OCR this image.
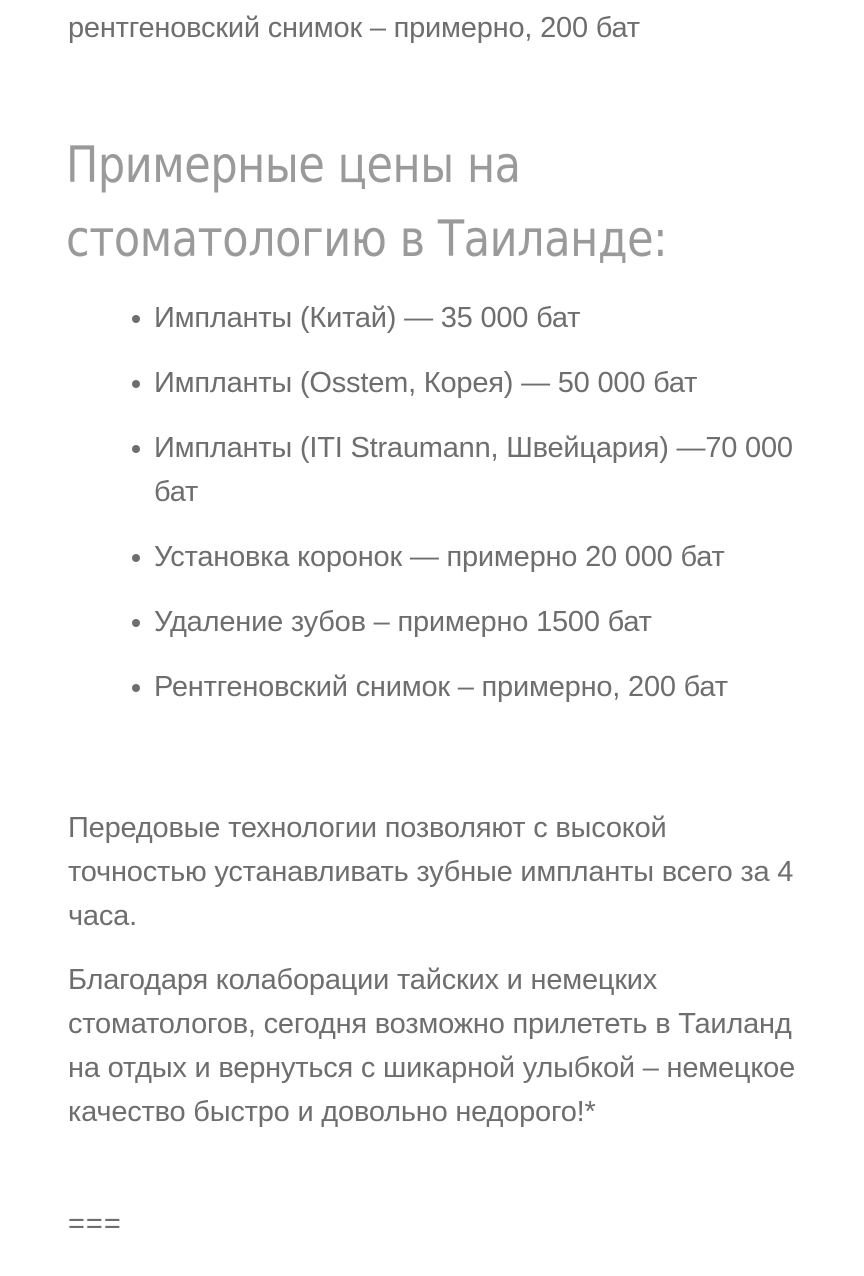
рентгеновский снимок – примерно, 200 бат
Примерные цены на стоматологию в Таиланде:
Импланты (Китай) — 35 000 бат
Импланты (Osstem, Корея) — 50 000 бат
Импланты (ITI Straumann, Швейцария) —70 000 бат
Установка коронок — примерно 20 000 бат
Удаление зубов – примерно 1500 бат
Рентгеновский снимок – примерно, 200 бат

Передовые технологии позволяют с высокой точностью устанавливать зубные импланты всего за 4 часа.

Благодаря колаборации тайских и немецких стоматологов, сегодня возможно прилететь в Таиланд на отдых и вернуться с шикарной улыбкой – немецкое качество быстро и довольно недорого!*

===
